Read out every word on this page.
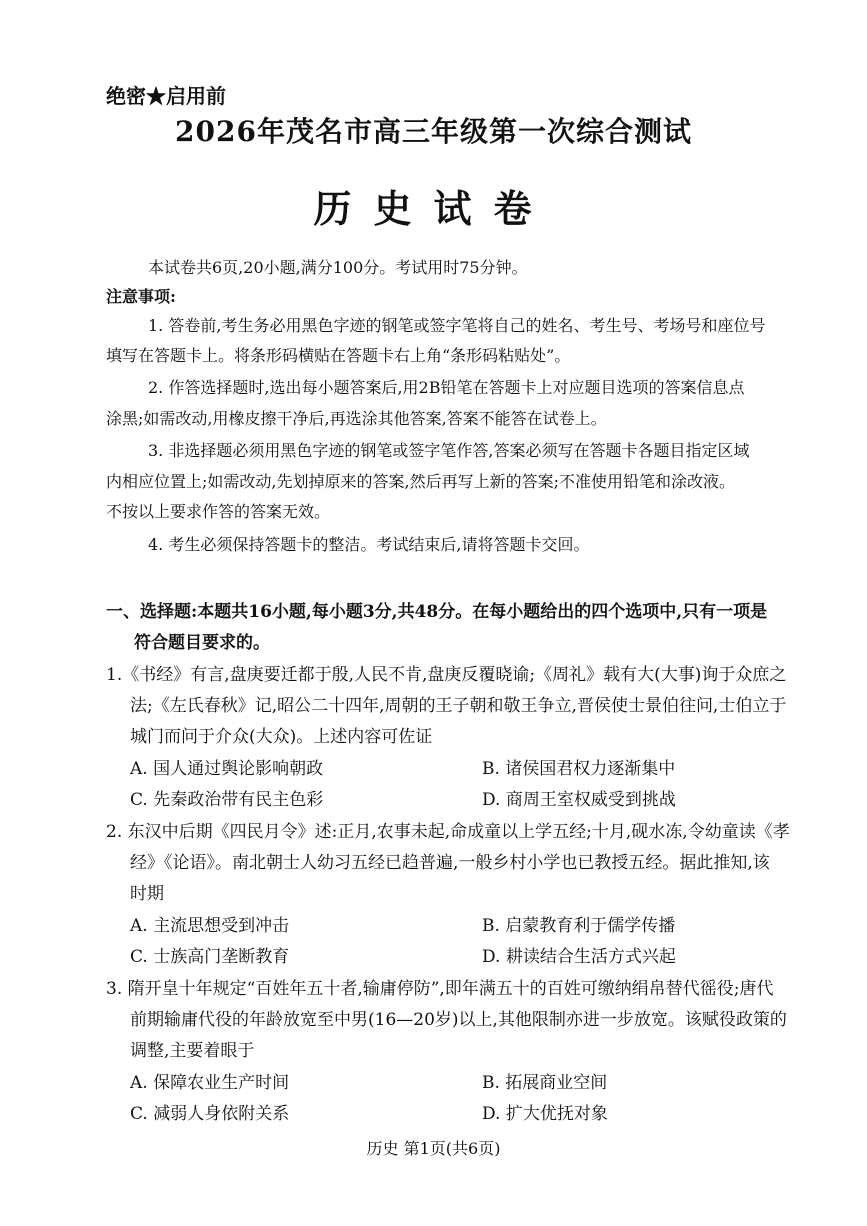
绝密★启用前
2026年茂名市高三年级第一次综合测试
历史试卷
本试卷共6页,20小题,满分100分。考试用时75分钟。
注意事项:
1. 答卷前,考生务必用黑色字迹的钢笔或签字笔将自己的姓名、考生号、考场号和座位号
填写在答题卡上。将条形码横贴在答题卡右上角“条形码粘贴处”。
2. 作答选择题时,选出每小题答案后,用2B铅笔在答题卡上对应题目选项的答案信息点
涂黑;如需改动,用橡皮擦干净后,再选涂其他答案,答案不能答在试卷上。
3. 非选择题必须用黑色字迹的钢笔或签字笔作答,答案必须写在答题卡各题目指定区域
内相应位置上;如需改动,先划掉原来的答案,然后再写上新的答案;不准使用铅笔和涂改液。
不按以上要求作答的答案无效。
4. 考生必须保持答题卡的整洁。考试结束后,请将答题卡交回。
一、选择题:本题共16小题,每小题3分,共48分。在每小题给出的四个选项中,只有一项是
符合题目要求的。
1.《书经》有言,盘庚要迁都于殷,人民不肯,盘庚反覆晓谕;《周礼》载有大(大事)询于众庶之
法;《左氏春秋》记,昭公二十四年,周朝的王子朝和敬王争立,晋侯使士景伯往问,士伯立于
城门而问于介众(大众)。上述内容可佐证
A. 国人通过舆论影响朝政	B. 诸侯国君权力逐渐集中
C. 先秦政治带有民主色彩	D. 商周王室权威受到挑战
2. 东汉中后期《四民月令》述:正月,农事未起,命成童以上学五经;十月,砚水冻,令幼童读《孝
经》《论语》。南北朝士人幼习五经已趋普遍,一般乡村小学也已教授五经。据此推知,该
时期
A. 主流思想受到冲击	B. 启蒙教育利于儒学传播
C. 士族高门垄断教育	D. 耕读结合生活方式兴起
3. 隋开皇十年规定“百姓年五十者,输庸停防”,即年满五十的百姓可缴纳绢帛替代徭役;唐代
前期输庸代役的年龄放宽至中男(16—20岁)以上,其他限制亦进一步放宽。该赋役政策的
调整,主要着眼于
A. 保障农业生产时间	B. 拓展商业空间
C. 减弱人身依附关系	D. 扩大优抚对象
历史 第1页(共6页)
